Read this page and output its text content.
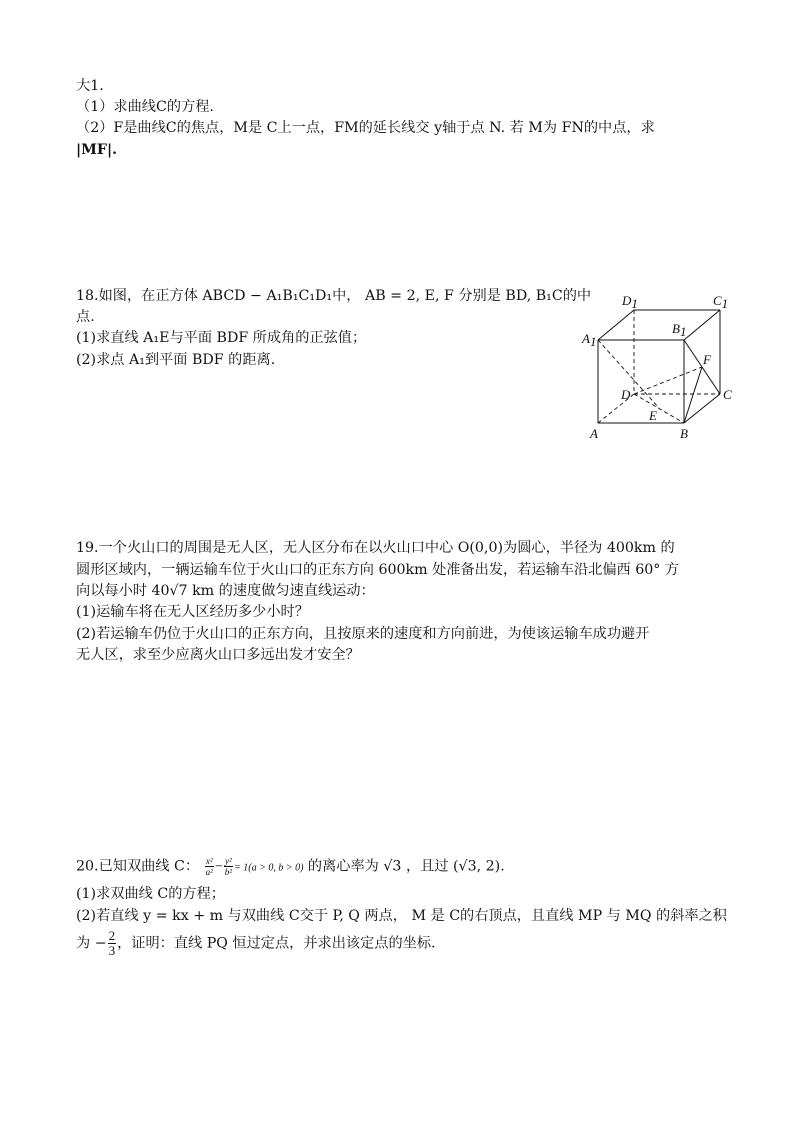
大1.
（1）求曲线C的方程.
（2）F是曲线C的焦点，M是 C上一点，FM的延长线交 y轴于点 N. 若 M为 FN的中点，求
|MF|.
18.如图，在正方体 ABCD − A₁B₁C₁D₁中， AB = 2, E, F 分别是 BD, B₁C的中
点.
(1)求直线 A₁E与平面 BDF 所成角的正弦值；
(2)求点 A₁到平面 BDF 的距离.
D1	C1
A1
B1
F
D	C
E
A	B
19.一个火山口的周围是无人区，无人区分布在以火山口中心 O(0,0)为圆心，半径为 400km 的
圆形区域内，一辆运输车位于火山口的正东方向 600km 处准备出发，若运输车沿北偏西 60° 方
向以每小时 40√7 km 的速度做匀速直线运动：
(1)运输车将在无人区经历多少小时？
(2)若运输车仍位于火山口的正东方向，且按原来的速度和方向前进，为使该运输车成功避开
无人区，求至少应离火山口多远出发才安全？
20.已知双曲线 C： $\frac{\text{x²}}{\text{a²}} - \frac{\text{y²}}{\text{b²}} = 1(a > 0$, b > 0) 的离心率为 √3 ，且过 (√3, 2).
(1)求双曲线 C的方程；
(2)若直线 y = kx + m 与双曲线 C交于 P, Q 两点， M 是 C的右顶点，且直线 MP 与 MQ 的斜率之积
为 − $\frac{2}{3}$ ，证明：直线 PQ 恒过定点，并求出该定点的坐标.
